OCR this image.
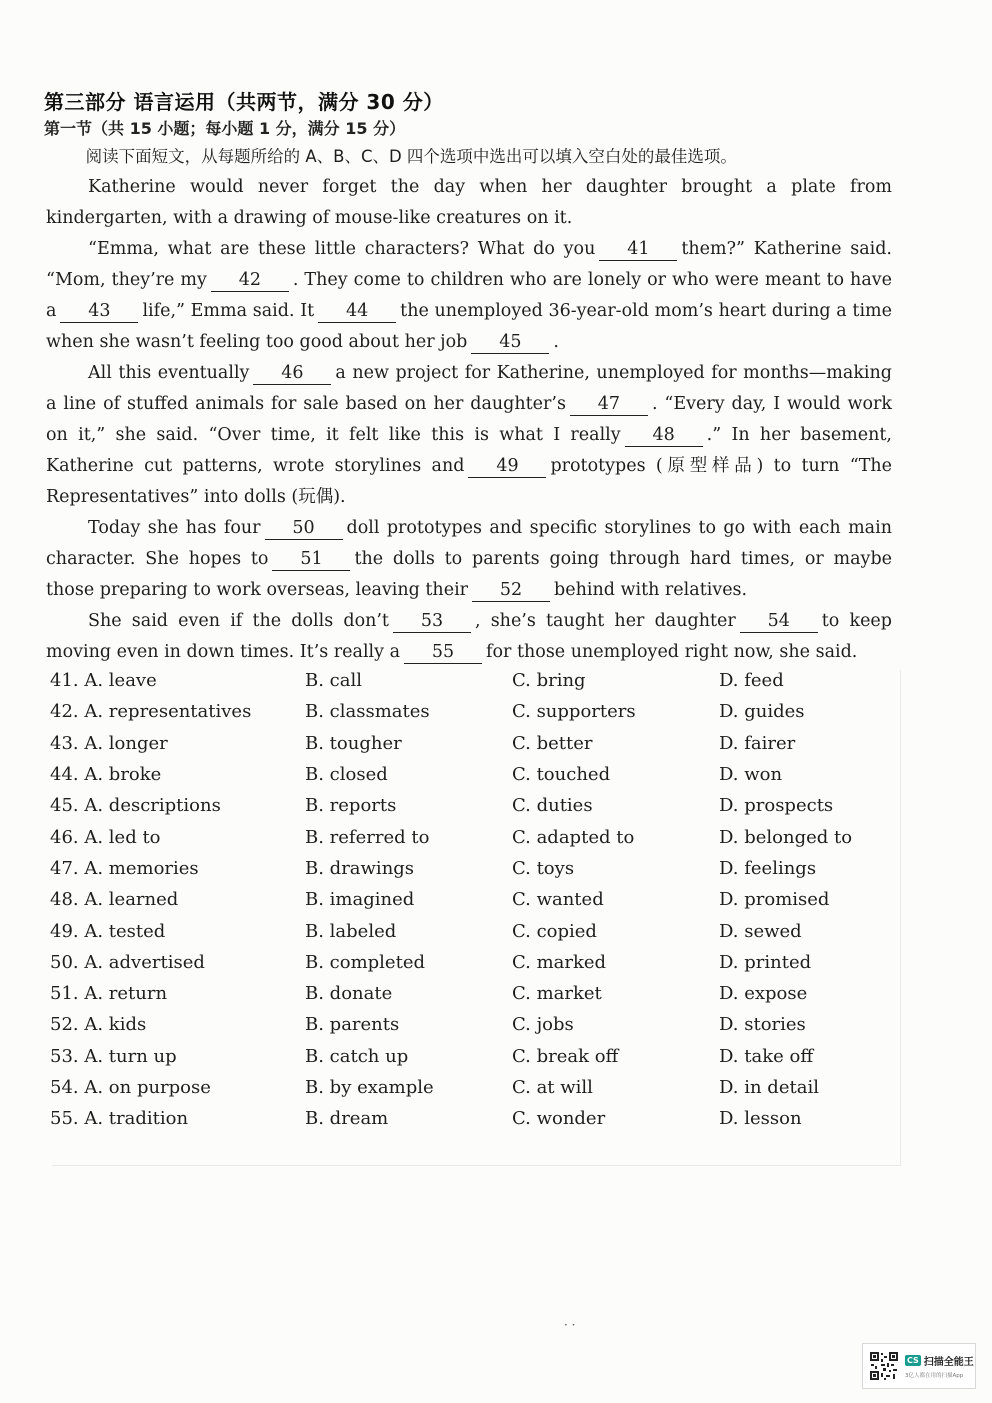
第三部分 语言运用（共两节，满分 30 分）
第一节（共 15 小题；每小题 1 分，满分 15 分）

阅读下面短文，从每题所给的 A、B、C、D 四个选项中选出可以填入空白处的最佳选项。

Katherine would never forget the day when her daughter brought a plate from kindergarten, with a drawing of mouse-like creatures on it.

“Emma, what are these little characters? What do you 41 them?” Katherine said. “Mom, they’re my 42 . They come to children who are lonely or who were meant to have a 43 life,” Emma said. It 44 the unemployed 36-year-old mom’s heart during a time when she wasn’t feeling too good about her job 45 .

All this eventually 46 a new project for Katherine, unemployed for months—making a line of stuffed animals for sale based on her daughter’s 47 . “Every day, I would work on it,” she said. “Over time, it felt like this is what I really 48 .” In her basement, Katherine cut patterns, wrote storylines and 49 prototypes (原型样品) to turn “The Representatives” into dolls (玩偶).

Today she has four 50 doll prototypes and specific storylines to go with each main character. She hopes to 51 the dolls to parents going through hard times, or maybe those preparing to work overseas, leaving their 52 behind with relatives.

She said even if the dolls don’t 53 , she’s taught her daughter 54 to keep moving even in down times. It’s really a 55 for those unemployed right now, she said.

41. A. leave	B. call	C. bring	D. feed
42. A. representatives	B. classmates	C. supporters	D. guides
43. A. longer	B. tougher	C. better	D. fairer
44. A. broke	B. closed	C. touched	D. won
45. A. descriptions	B. reports	C. duties	D. prospects
46. A. led to	B. referred to	C. adapted to	D. belonged to
47. A. memories	B. drawings	C. toys	D. feelings
48. A. learned	B. imagined	C. wanted	D. promised
49. A. tested	B. labeled	C. copied	D. sewed
50. A. advertised	B. completed	C. marked	D. printed
51. A. return	B. donate	C. market	D. expose
52. A. kids	B. parents	C. jobs	D. stories
53. A. turn up	B. catch up	C. break off	D. take off
54. A. on purpose	B. by example	C. at will	D. in detail
55. A. tradition	B. dream	C. wonder	D. lesson
· ·
CS 扫描全能王
3亿人都在用的扫描App
